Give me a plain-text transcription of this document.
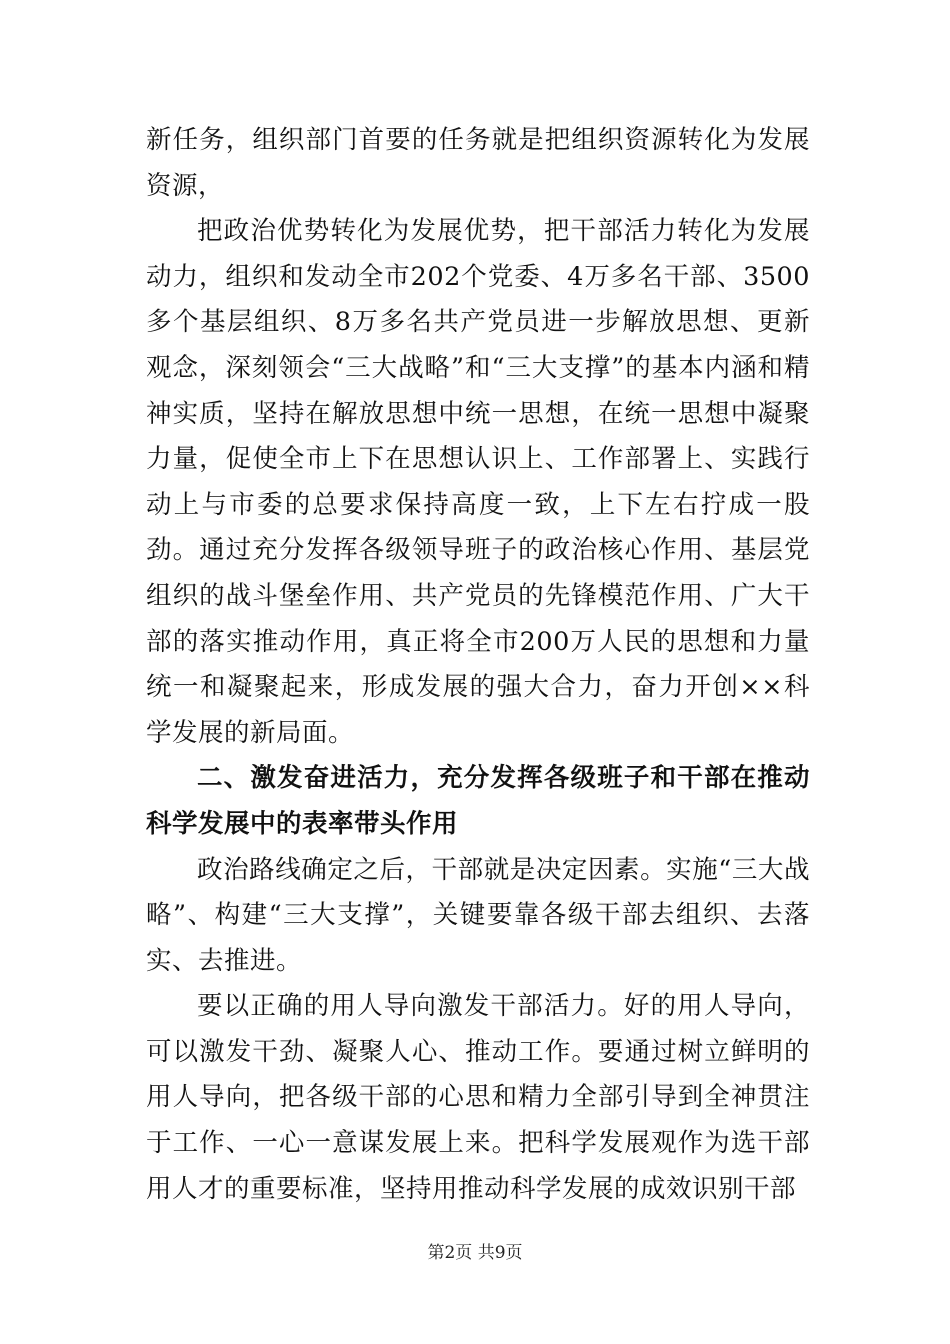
新任务，组织部门首要的任务就是把组织资源转化为发展资源，

把政治优势转化为发展优势，把干部活力转化为发展动力，组织和发动全市202个党委、4万多名干部、3500多个基层组织、8万多名共产党员进一步解放思想、更新观念，深刻领会“三大战略”和“三大支撑”的基本内涵和精神实质，坚持在解放思想中统一思想，在统一思想中凝聚力量，促使全市上下在思想认识上、工作部署上、实践行动上与市委的总要求保持高度一致，上下左右拧成一股劲。通过充分发挥各级领导班子的政治核心作用、基层党组织的战斗堡垒作用、共产党员的先锋模范作用、广大干部的落实推动作用，真正将全市200万人民的思想和力量统一和凝聚起来，形成发展的强大合力，奋力开创××科学发展的新局面。

二、激发奋进活力，充分发挥各级班子和干部在推动科学发展中的表率带头作用

政治路线确定之后，干部就是决定因素。实施“三大战略”、构建“三大支撑”，关键要靠各级干部去组织、去落实、去推进。

要以正确的用人导向激发干部活力。好的用人导向，可以激发干劲、凝聚人心、推动工作。要通过树立鲜明的用人导向，把各级干部的心思和精力全部引导到全神贯注于工作、一心一意谋发展上来。把科学发展观作为选干部用人才的重要标准，坚持用推动科学发展的成效识别干部

第2页 共9页
